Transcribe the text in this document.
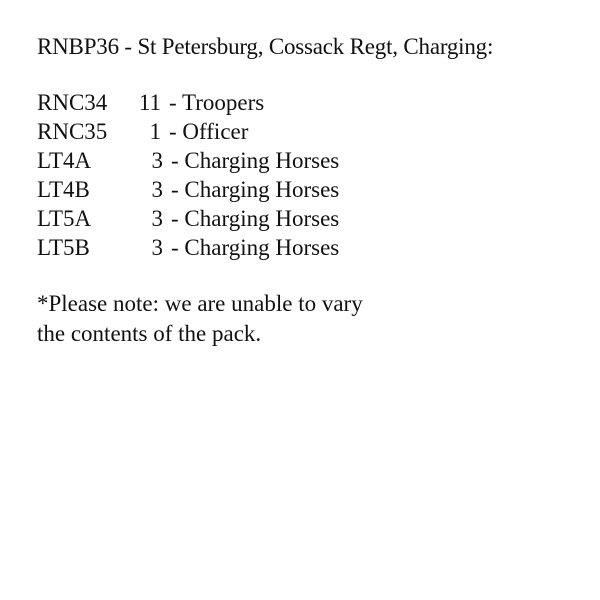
RNBP36 - St Petersburg, Cossack Regt, Charging:
RNC34	11 - Troopers
RNC35	1 - Officer
LT4A	3 - Charging Horses
LT4B	3 - Charging Horses
LT5A	3 - Charging Horses
LT5B	3 - Charging Horses
*Please note: we are unable to vary
the contents of the pack.
